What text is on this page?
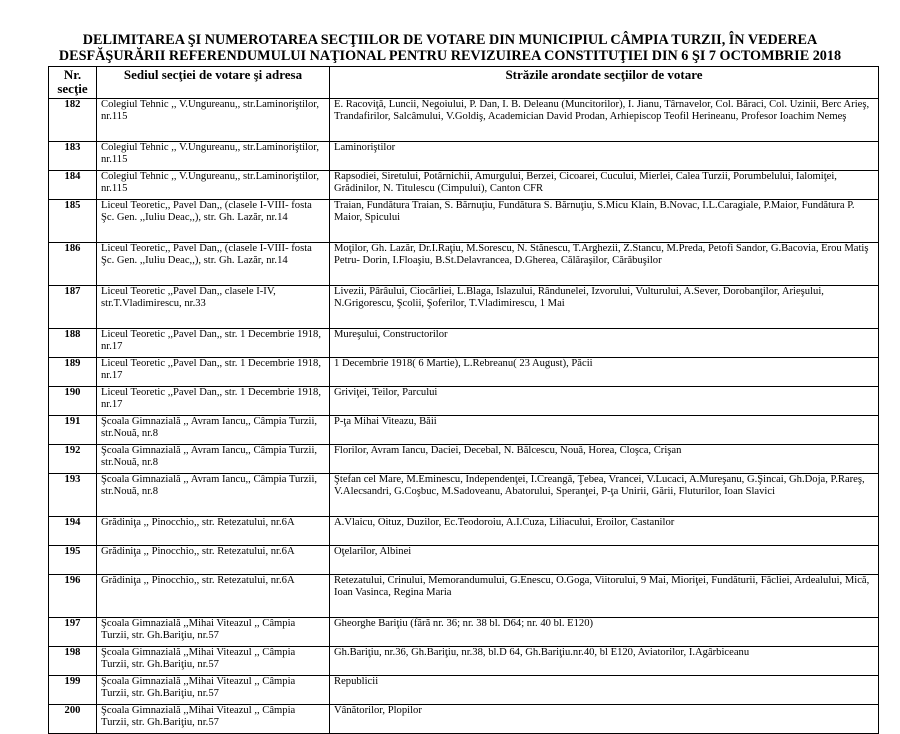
DELIMITAREA ŞI NUMEROTAREA SECŢIILOR DE VOTARE DIN MUNICIPIUL CÂMPIA TURZII, ÎN VEDEREA
DESFĂŞURĂRII REFERENDUMULUI NAŢIONAL PENTRU REVIZUIREA CONSTITUŢIEI DIN 6 ŞI 7 OCTOMBRIE 2018
Nr.
secţie	Sediul secţiei de votare şi adresa	Străzile arondate secţiilor de votare
182	Colegiul Tehnic ,, V.Ungureanu,, str.Laminoriştilor, nr.115	E. Racoviţă, Luncii, Negoiului, P. Dan, I. B. Deleanu (Muncitorilor), I. Jianu, Târnavelor, Col. Băraci, Col. Uzinii, Berc Arieş, Trandafirilor, Salcâmului, V.Goldiş, Academician David Prodan, Arhiepiscop Teofil Herineanu, Profesor Ioachim Nemeş
183	Colegiul Tehnic ,, V.Ungureanu,, str.Laminoriştilor, nr.115	Laminoriştilor
184	Colegiul Tehnic ,, V.Ungureanu,, str.Laminoriştilor, nr.115	Rapsodiei, Siretului, Potârnichii, Amurgului, Berzei, Cicoarei, Cucului, Mierlei, Calea Turzii, Porumbelului, Ialomiţei, Grădinilor, N. Titulescu (Cimpului), Canton CFR
185	Liceul Teoretic,, Pavel Dan,, (clasele I-VIII- fosta Şc. Gen. ,,Iuliu Deac,,), str. Gh. Lazăr, nr.14	Traian, Fundătura Traian, S. Bărnuţiu, Fundătura S. Bărnuţiu, S.Micu Klain, B.Novac, I.L.Caragiale, P.Maior, Fundătura P. Maior, Spicului
186	Liceul Teoretic,, Pavel Dan,, (clasele I-VIII- fosta Şc. Gen. ,,Iuliu Deac,,), str. Gh. Lazăr, nr.14	Moţilor, Gh. Lazăr, Dr.I.Raţiu, M.Sorescu, N. Stănescu, T.Arghezii, Z.Stancu, M.Preda, Petofi Sandor, G.Bacovia, Erou Matiş Petru- Dorin, I.Floaşiu, B.St.Delavrancea, D.Gherea, Călăraşilor, Cărăbuşilor
187	Liceul Teoretic ,,Pavel Dan,, clasele I-IV, str.T.Vladimirescu, nr.33	Livezii, Pârâului, Ciocârliei, L.Blaga, Islazului, Rândunelei, Izvorului, Vulturului, A.Sever, Dorobanţilor, Arieşului, N.Grigorescu, Şcolii, Şoferilor, T.Vladimirescu, 1 Mai
188	Liceul Teoretic ,,Pavel Dan,, str. 1 Decembrie 1918, nr.17	Mureşului, Constructorilor
189	Liceul Teoretic ,,Pavel Dan,, str. 1 Decembrie 1918, nr.17	1 Decembrie 1918( 6 Martie), L.Rebreanu( 23 August), Păcii
190	Liceul Teoretic ,,Pavel Dan,, str. 1 Decembrie 1918, nr.17	Griviţei, Teilor, Parcului
191	Şcoala Gimnazială ,, Avram Iancu,, Câmpia Turzii, str.Nouă, nr.8	P-ţa Mihai Viteazu, Băii
192	Şcoala Gimnazială ,, Avram Iancu,, Câmpia Turzii, str.Nouă, nr.8	Florilor, Avram Iancu, Daciei, Decebal, N. Bălcescu, Nouă, Horea, Cloşca, Crişan
193	Şcoala Gimnazială ,, Avram Iancu,, Câmpia Turzii, str.Nouă, nr.8	Ştefan cel Mare, M.Eminescu, Independenţei, I.Creangă, Ţebea, Vrancei, V.Lucaci, A.Mureşanu, G.Şincai, Gh.Doja, P.Rareş, V.Alecsandri, G.Coşbuc, M.Sadoveanu, Abatorului, Speranţei, P-ţa Unirii, Gării, Fluturilor, Ioan Slavici
194	Grădiniţa ,, Pinocchio,, str. Retezatului, nr.6A	A.Vlaicu, Oituz, Duzilor, Ec.Teodoroiu, A.I.Cuza, Liliacului, Eroilor, Castanilor
195	Grădiniţa ,, Pinocchio,, str. Retezatului, nr.6A	Oţelarilor, Albinei
196	Grădiniţa ,, Pinocchio,, str. Retezatului, nr.6A	Retezatului, Crinului, Memorandumului, G.Enescu, O.Goga, Viitorului, 9 Mai, Mioriţei, Fundăturii, Făcliei, Ardealului, Mică, Ioan Vasinca, Regina Maria
197	Şcoala Gimnazială ,,Mihai Viteazul ,, Câmpia Turzii, str. Gh.Bariţiu, nr.57	Gheorghe Bariţiu (fără nr. 36; nr. 38 bl. D64; nr. 40 bl. E120)
198	Şcoala Gimnazială ,,Mihai Viteazul ,, Câmpia Turzii, str. Gh.Bariţiu, nr.57	Gh.Bariţiu, nr.36, Gh.Bariţiu, nr.38, bl.D 64, Gh.Bariţiu.nr.40, bl E120, Aviatorilor, I.Agârbiceanu
199	Şcoala Gimnazială ,,Mihai Viteazul ,, Câmpia Turzii, str. Gh.Bariţiu, nr.57	Republicii
200	Şcoala Gimnazială ,,Mihai Viteazul ,, Câmpia Turzii, str. Gh.Bariţiu, nr.57	Vânătorilor, Plopilor
